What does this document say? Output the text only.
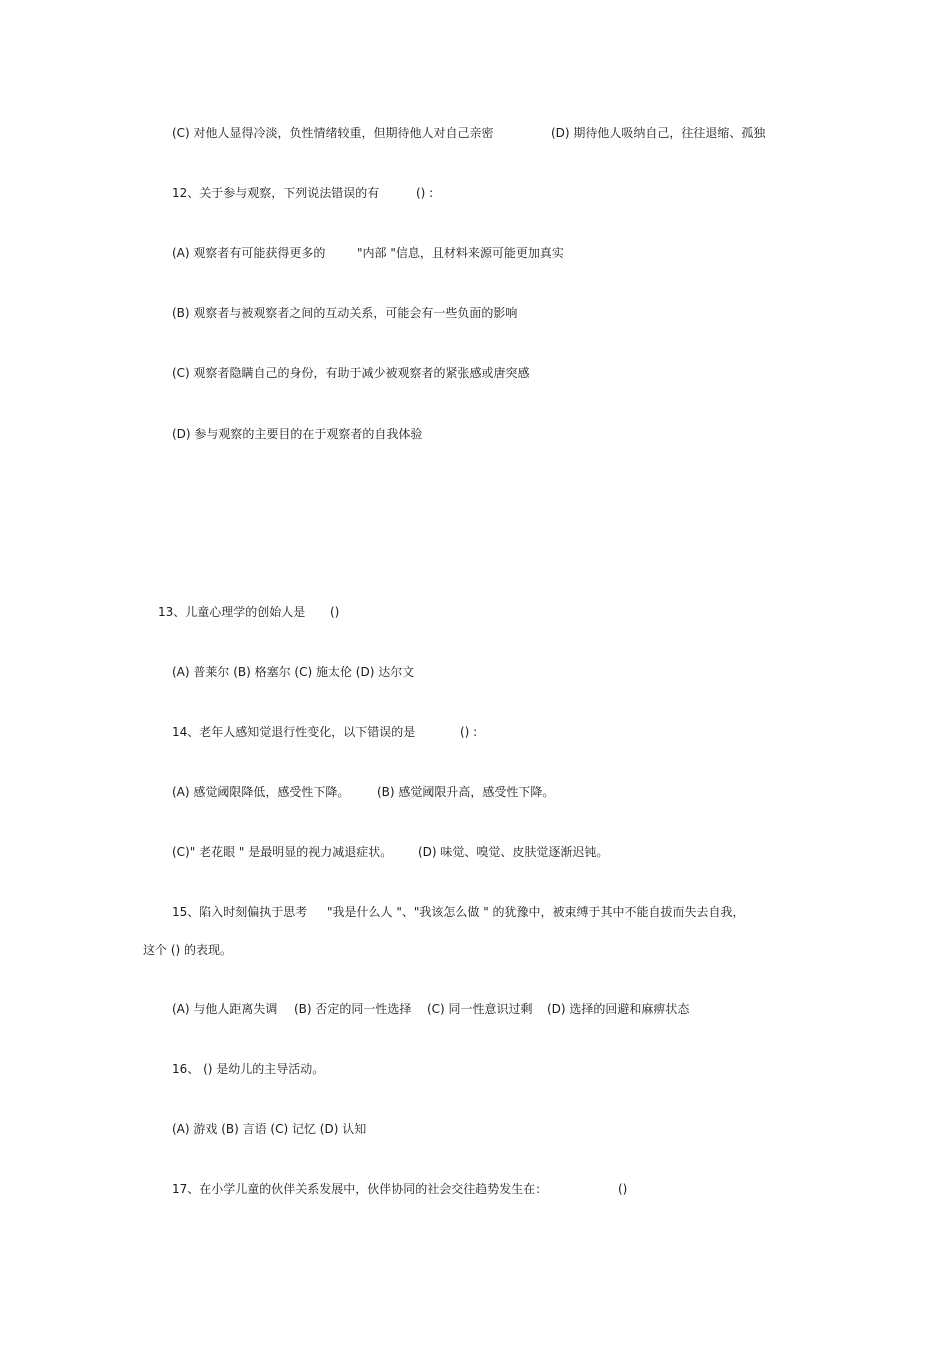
(C) 对他人显得冷淡，负性情绪较重，但期待他人对自己亲密	(D) 期待他人吸纳自己，往往退缩、孤独
12、关于参与观察，下列说法错误的有	() :
(A) 观察者有可能获得更多的	"内部 "信息，且材料来源可能更加真实
(B) 观察者与被观察者之间的互动关系，可能会有一些负面的影响
(C) 观察者隐瞒自己的身份，有助于减少被观察者的紧张感或唐突感
(D) 参与观察的主要目的在于观察者的自我体验
13、儿童心理学的创始人是 ()
(A) 普莱尔 (B) 格塞尔 (C) 施太伦 (D) 达尔文
14、老年人感知觉退行性变化，以下错误的是	() :
(A) 感觉阈限降低，感受性下降。 (B) 感觉阈限升高，感受性下降。
(C)" 老花眼 " 是最明显的视力减退症状。 (D) 味觉、嗅觉、皮肤觉逐渐迟钝。
15、陷入时刻偏执于思考 "我是什么人 "、"我该怎么做 " 的犹豫中，被束缚于其中不能自拔而失去自我，
这个 () 的表现。
(A) 与他人距离失调 (B) 否定的同一性选择 (C) 同一性意识过剩 (D) 选择的回避和麻痹状态
16、 () 是幼儿的主导活动。
(A) 游戏 (B) 言语 (C) 记忆 (D) 认知
17、在小学儿童的伙伴关系发展中，伙伴协同的社会交往趋势发生在：	()
